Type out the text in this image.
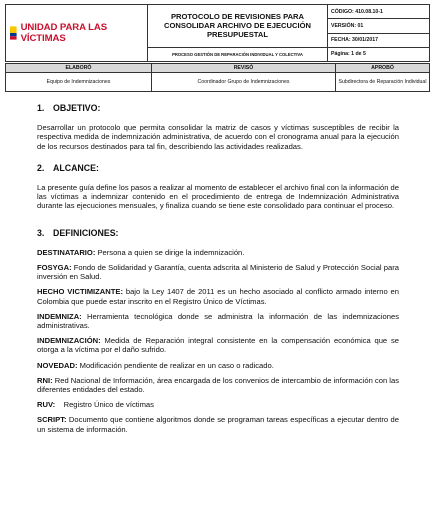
UNIDAD PARA LAS VÍCTIMAS	PROTOCOLO DE REVISIONES PARA CONSOLIDAR ARCHIVO DE EJECUCIÓN PRESUPUESTAL	CÓDIGO: 410.08.10-1
		VERSIÓN: 01
		FECHA: 30/01/2017
	PROCESO GESTIÓN DE REPARACIÓN INDIVIDUAL Y COLECTIVA	Página: 1 de 5
ELABORÓ	REVISÓ	APROBÓ
Equipo de Indemnizaciones	Coordinador Grupo de Indemnizaciones	Subdirectora de Reparación Individual
1. OBJETIVO:

Desarrollar un protocolo que permita consolidar la matriz de casos y víctimas susceptibles de recibir la respectiva medida de indemnización administrativa, de acuerdo con el cronograma anual para la ejecución de los recursos destinados para tal fin, describiendo las actividades realizadas.

2. ALCANCE:

La presente guía define los pasos a realizar al momento de establecer el archivo final con la información de las víctimas a indemnizar contenido en el procedimiento de entrega de Indemnización Administrativa durante las ejecuciones mensuales, y finaliza cuando se tiene este consolidado para continuar el proceso.

3. DEFINICIONES:

DESTINATARIO: Persona a quien se dirige la indemnización.

FOSYGA: Fondo de Solidaridad y Garantía, cuenta adscrita al Ministerio de Salud y Protección Social para inversión en Salud.

HECHO VICTIMIZANTE: bajo la Ley 1407 de 2011 es un hecho asociado al conflicto armado interno en Colombia que puede estar inscrito en el Registro Único de Víctimas.

INDEMNIZA: Herramienta tecnológica donde se administra la información de las indemnizaciones administrativas.

INDEMNIZACIÓN: Medida de Reparación integral consistente en la compensación económica que se otorga a la víctima por el daño sufrido.

NOVEDAD: Modificación pendiente de realizar en un caso o radicado.

RNI: Red Nacional de Información, área encargada de los convenios de intercambio de información con las diferentes entidades del estado.

RUV:    Registro Único de víctimas

SCRIPT: Documento que contiene algoritmos donde se programan tareas específicas a ejecutar dentro de un sistema de información.
